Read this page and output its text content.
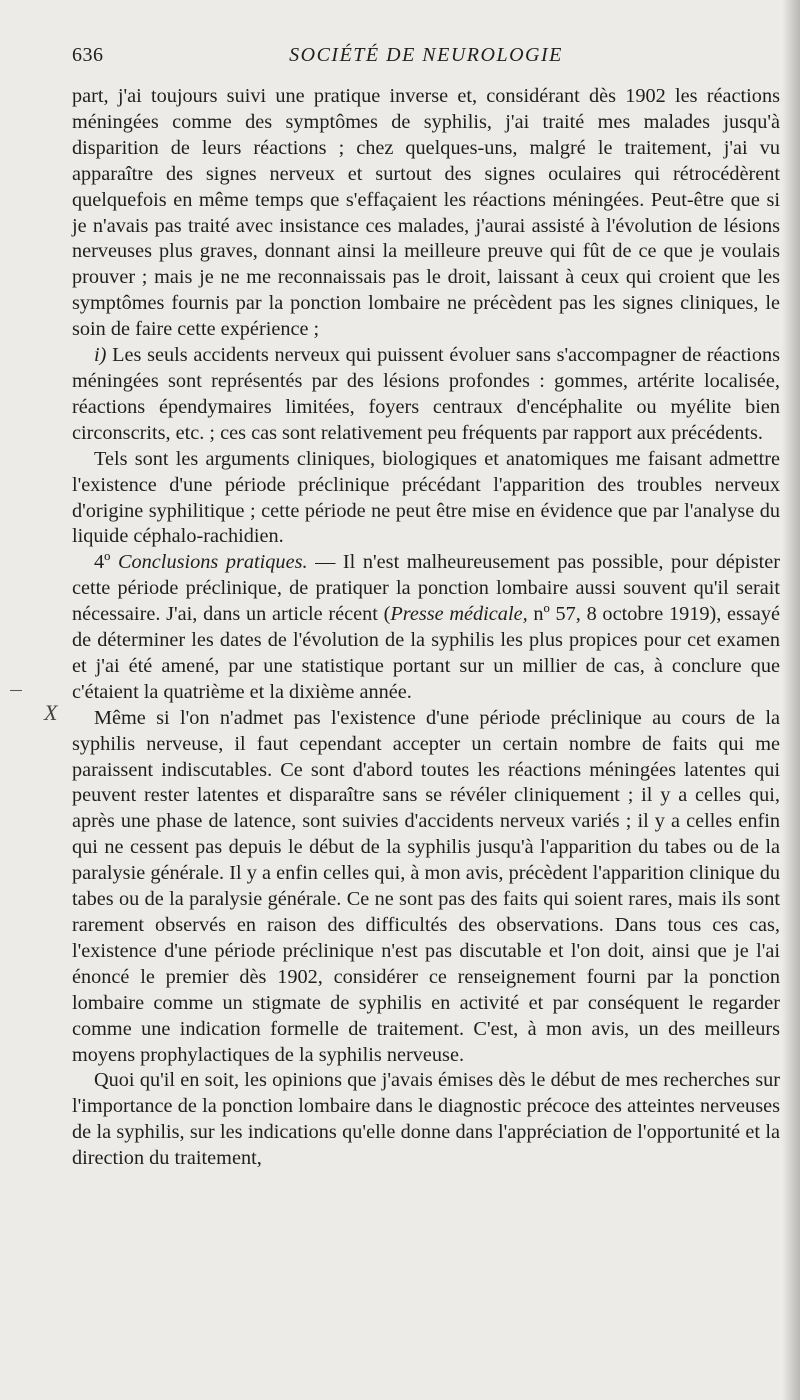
X
636	SOCIÉTÉ DE NEUROLOGIE

part, j'ai toujours suivi une pratique inverse et, considérant dès 1902 les réactions méningées comme des symptômes de syphilis, j'ai traité mes malades jusqu'à disparition de leurs réactions ; chez quelques-uns, malgré le traitement, j'ai vu apparaître des signes nerveux et surtout des signes oculaires qui rétrocédèrent quelquefois en même temps que s'effaçaient les réactions méningées. Peut-être que si je n'avais pas traité avec insistance ces malades, j'aurai assisté à l'évolution de lésions nerveuses plus graves, donnant ainsi la meilleure preuve qui fût de ce que je voulais prouver ; mais je ne me reconnaissais pas le droit, laissant à ceux qui croient que les symptômes fournis par la ponction lombaire ne précèdent pas les signes cliniques, le soin de faire cette expérience ;

i) Les seuls accidents nerveux qui puissent évoluer sans s'accompagner de réactions méningées sont représentés par des lésions profondes : gommes, artérite localisée, réactions épendymaires limitées, foyers centraux d'encéphalite ou myélite bien circonscrits, etc. ; ces cas sont relativement peu fréquents par rapport aux précédents.

Tels sont les arguments cliniques, biologiques et anatomiques me faisant admettre l'existence d'une période préclinique précédant l'apparition des troubles nerveux d'origine syphilitique ; cette période ne peut être mise en évidence que par l'analyse du liquide céphalo-rachidien.

4º Conclusions pratiques. — Il n'est malheureusement pas possible, pour dépister cette période préclinique, de pratiquer la ponction lombaire aussi souvent qu'il serait nécessaire. J'ai, dans un article récent (Presse médicale, nº 57, 8 octobre 1919), essayé de déterminer les dates de l'évolution de la syphilis les plus propices pour cet examen et j'ai été amené, par une statistique portant sur un millier de cas, à conclure que c'étaient la quatrième et la dixième année.

Même si l'on n'admet pas l'existence d'une période préclinique au cours de la syphilis nerveuse, il faut cependant accepter un certain nombre de faits qui me paraissent indiscutables. Ce sont d'abord toutes les réactions méningées latentes qui peuvent rester latentes et disparaître sans se révéler cliniquement ; il y a celles qui, après une phase de latence, sont suivies d'accidents nerveux variés ; il y a celles enfin qui ne cessent pas depuis le début de la syphilis jusqu'à l'apparition du tabes ou de la paralysie générale. Il y a enfin celles qui, à mon avis, précèdent l'apparition clinique du tabes ou de la paralysie générale. Ce ne sont pas des faits qui soient rares, mais ils sont rarement observés en raison des difficultés des observations. Dans tous ces cas, l'existence d'une période préclinique n'est pas discutable et l'on doit, ainsi que je l'ai énoncé le premier dès 1902, considérer ce renseignement fourni par la ponction lombaire comme un stigmate de syphilis en activité et par conséquent le regarder comme une indication formelle de traitement. C'est, à mon avis, un des meilleurs moyens prophylactiques de la syphilis nerveuse.

Quoi qu'il en soit, les opinions que j'avais émises dès le début de mes recherches sur l'importance de la ponction lombaire dans le diagnostic précoce des atteintes nerveuses de la syphilis, sur les indications qu'elle donne dans l'appréciation de l'opportunité et la direction du traitement,
